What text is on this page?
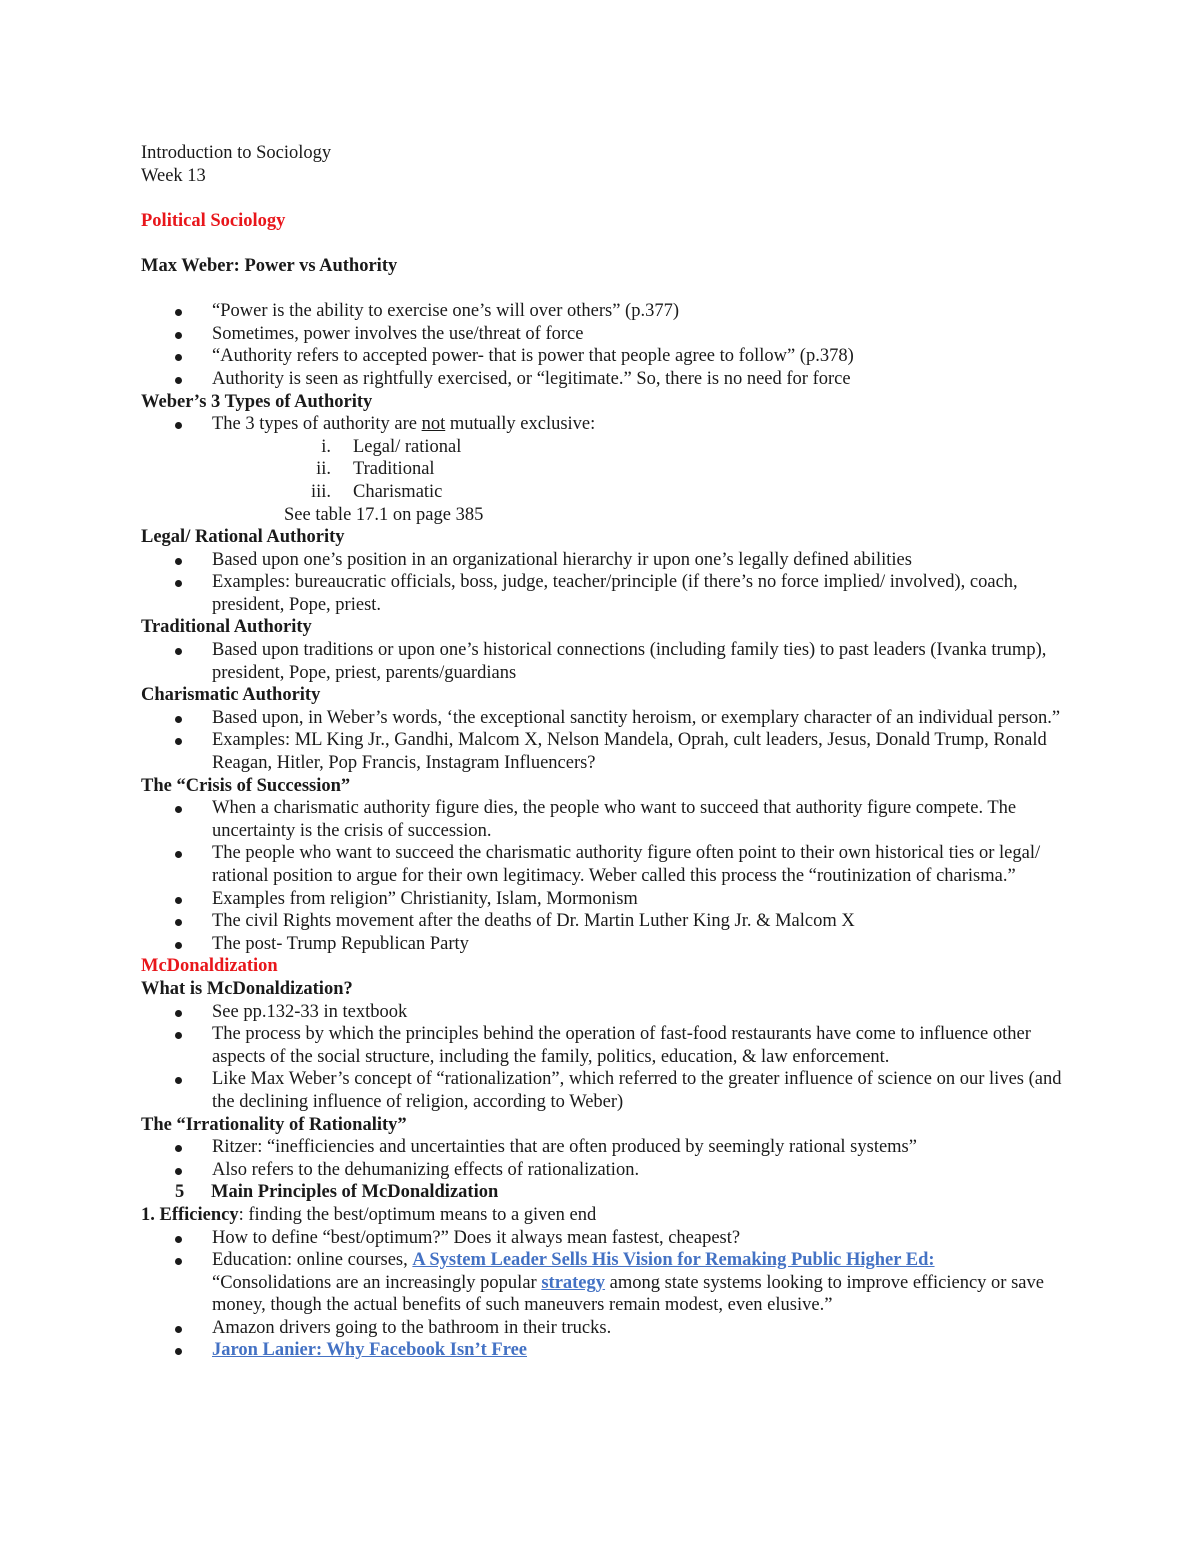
Introduction to Sociology

Week 13

Political Sociology

Max Weber: Power vs Authority

“Power is the ability to exercise one’s will over others” (p.377)
Sometimes, power involves the use/threat of force
“Authority refers to accepted power- that is power that people agree to follow” (p.378)
Authority is seen as rightfully exercised, or “legitimate.” So, there is no need for force

Weber’s 3 Types of Authority

The 3 types of authority are not mutually exclusive:
i. Legal/ rational
ii. Traditional
iii. Charismatic

See table 17.1 on page 385

Legal/ Rational Authority

Based upon one’s position in an organizational hierarchy ir upon one’s legally defined abilities
Examples: bureaucratic officials, boss, judge, teacher/principle (if there’s no force implied/ involved), coach, president, Pope, priest.

Traditional Authority

Based upon traditions or upon one’s historical connections (including family ties) to past leaders (Ivanka trump), president, Pope, priest, parents/guardians

Charismatic Authority

Based upon, in Weber’s words, ‘the exceptional sanctity heroism, or exemplary character of an individual person.”
Examples: ML King Jr., Gandhi, Malcom X, Nelson Mandela, Oprah, cult leaders, Jesus, Donald Trump, Ronald Reagan, Hitler, Pop Francis, Instagram Influencers?

The “Crisis of Succession”

When a charismatic authority figure dies, the people who want to succeed that authority figure compete. The uncertainty is the crisis of succession.
The people who want to succeed the charismatic authority figure often point to their own historical ties or legal/ rational position to argue for their own legitimacy. Weber called this process the “routinization of charisma.”
Examples from religion” Christianity, Islam, Mormonism
The civil Rights movement after the deaths of Dr. Martin Luther King Jr. & Malcom X
The post- Trump Republican Party

McDonaldization

What is McDonaldization?

See pp.132-33 in textbook
The process by which the principles behind the operation of fast-food restaurants have come to influence other aspects of the social structure, including the family, politics, education, & law enforcement.
Like Max Weber’s concept of “rationalization”, which referred to the greater influence of science on our lives (and the declining influence of religion, according to Weber)

The “Irrationality of Rationality”

Ritzer: “inefficiencies and uncertainties that are often produced by seemingly rational systems”
Also refers to the dehumanizing effects of rationalization.

5 Main Principles of McDonaldization

1. Efficiency: finding the best/optimum means to a given end

How to define “best/optimum?” Does it always mean fastest, cheapest?
Education: online courses, A System Leader Sells His Vision for Remaking Public Higher Ed:
“Consolidations are an increasingly popular strategy among state systems looking to improve efficiency or save money, though the actual benefits of such maneuvers remain modest, even elusive.”
Amazon drivers going to the bathroom in their trucks.
Jaron Lanier: Why Facebook Isn’t Free
